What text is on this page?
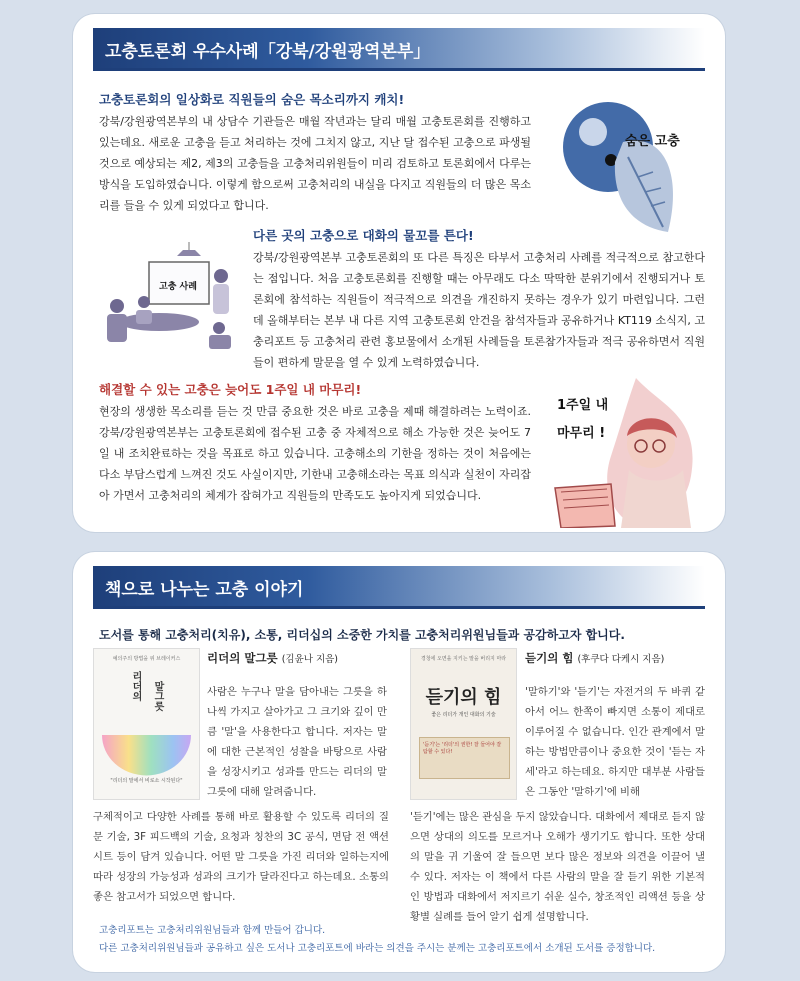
고충토론회 우수사례「강북/강원광역본부」
고충토론회의 일상화로 직원들의 숨은 목소리까지 캐치!
강북/강원광역본부의 내 상담수 기관들은 매월 작년과는 달리 매월 고충토론회를 진행하고 있는데요. 새로운 고충을 듣고 처리하는 것에 그치지 않고, 지난 달 접수된 고충으로 파생될 것으로 예상되는 제2, 제3의 고충들을 고충처리위원들이 미리 검토하고 토론회에서 다루는 방식을 도입하였습니다. 이렇게 함으로써 고충처리의 내실을 다지고 직원들의 더 많은 목소리를 들을 수 있게 되었다고 합니다.
숨은 고충
고충 사례
다른 곳의 고충으로 대화의 물꼬를 튼다!
강북/강원광역본부 고충토론회의 또 다른 특징은 타부서 고충처리 사례를 적극적으로 참고한다는 점입니다. 처음 고충토론회를 진행할 때는 아무래도 다소 딱딱한 분위기에서 진행되거나 토론회에 참석하는 직원들이 적극적으로 의견을 개진하지 못하는 경우가 있기 마련입니다. 그런데 올해부터는 본부 내 다른 지역 고충토론회 안건을 참석자들과 공유하거나 KT119 소식지, 고충리포트 등 고충처리 관련 홍보물에서 소개된 사례들을 토론참가자들과 적극 공유하면서 직원들이 편하게 말문을 열 수 있게 노력하였습니다.
해결할 수 있는 고충은 늦어도 1주일 내 마무리!
현장의 생생한 목소리를 듣는 것 만큼 중요한 것은 바로 고충을 제때 해결하려는 노력이죠. 강북/강원광역본부는 고충토론회에 접수된 고충 중 자체적으로 해소 가능한 것은 늦어도 7일 내 조치완료하는 것을 목표로 하고 있습니다. 고충해소의 기한을 정하는 것이 처음에는 다소 부담스럽게 느껴진 것도 사실이지만, 기한내 고충해소라는 목표 의식과 실천이 자리잡아 가면서 고충처리의 체계가 잡혀가고 직원들의 만족도도 높아지게 되었습니다.
1주일 내
마무리 !
책으로 나누는 고충 이야기
도서를 통해 고충처리(치유), 소통, 리더십의 소중한 가치를 고충처리위원님들과 공감하고자 합니다.
예의주의 방법을 위 브레이커스
리더의 말그릇
"리더의 말에서 비로소 시작된다"
리더의 말그릇 (김윤나 지음)
사람은 누구나 말을 담아내는 그릇을 하나씩 가지고 살아가고 그 크기와 깊이 만큼 '말'을 사용한다고 합니다. 저자는 말에 대한 근본적인 성찰을 바탕으로 사람을 성장시키고 성과를 만드는 리더의 말 그릇에 대해 알려줍니다.
구체적이고 다양한 사례를 통해 바로 활용할 수 있도록 리더의 질문 기술, 3F 피드백의 기술, 요청과 칭찬의 3C 공식, 면담 전 액션 시트 등이 담겨 있습니다. 어떤 말 그릇을 가진 리더와 일하는지에 따라 성장의 가능성과 성과의 크기가 달라진다고 하는데요. 소통의 좋은 참고서가 되었으면 합니다.
경청에 오면을 지키는 말을 버리지 마라
듣기의 힘
좋은 리더가 개인 대화의 기술
'듣기'는 '리더'의 권한! 잘 들어야 잘 탐할 수 있다!
듣기의 힘 (후쿠다 다케시 지음)
'말하기'와 '듣기'는 자전거의 두 바퀴 같아서 어느 한쪽이 빠지면 소통이 제대로 이루어질 수 없습니다. 인간 관계에서 말하는 방법만큼이나 중요한 것이 '듣는 자세'라고 하는데요. 하지만 대부분 사람들은 그동안 '말하기'에 비해
'듣기'에는 많은 관심을 두지 않았습니다. 대화에서 제대로 듣지 않으면 상대의 의도를 모르거나 오해가 생기기도 합니다. 또한 상대의 말을 귀 기울여 잘 들으면 보다 많은 정보와 의견을 이끌어 낼 수 있다. 저자는 이 책에서 다른 사람의 말을 잘 듣기 위한 기본적인 방법과 대화에서 저지르기 쉬운 실수, 창조적인 리액션 등을 상황별 실례를 들어 알기 쉽게 설명합니다.
고충리포트는 고충처리위원님들과 함께 만들어 갑니다.
다른 고충처리위원님들과 공유하고 싶은 도서나 고충리포트에 바라는 의견을 주시는 분께는 고충리포트에서 소개된 도서를 증정합니다.
